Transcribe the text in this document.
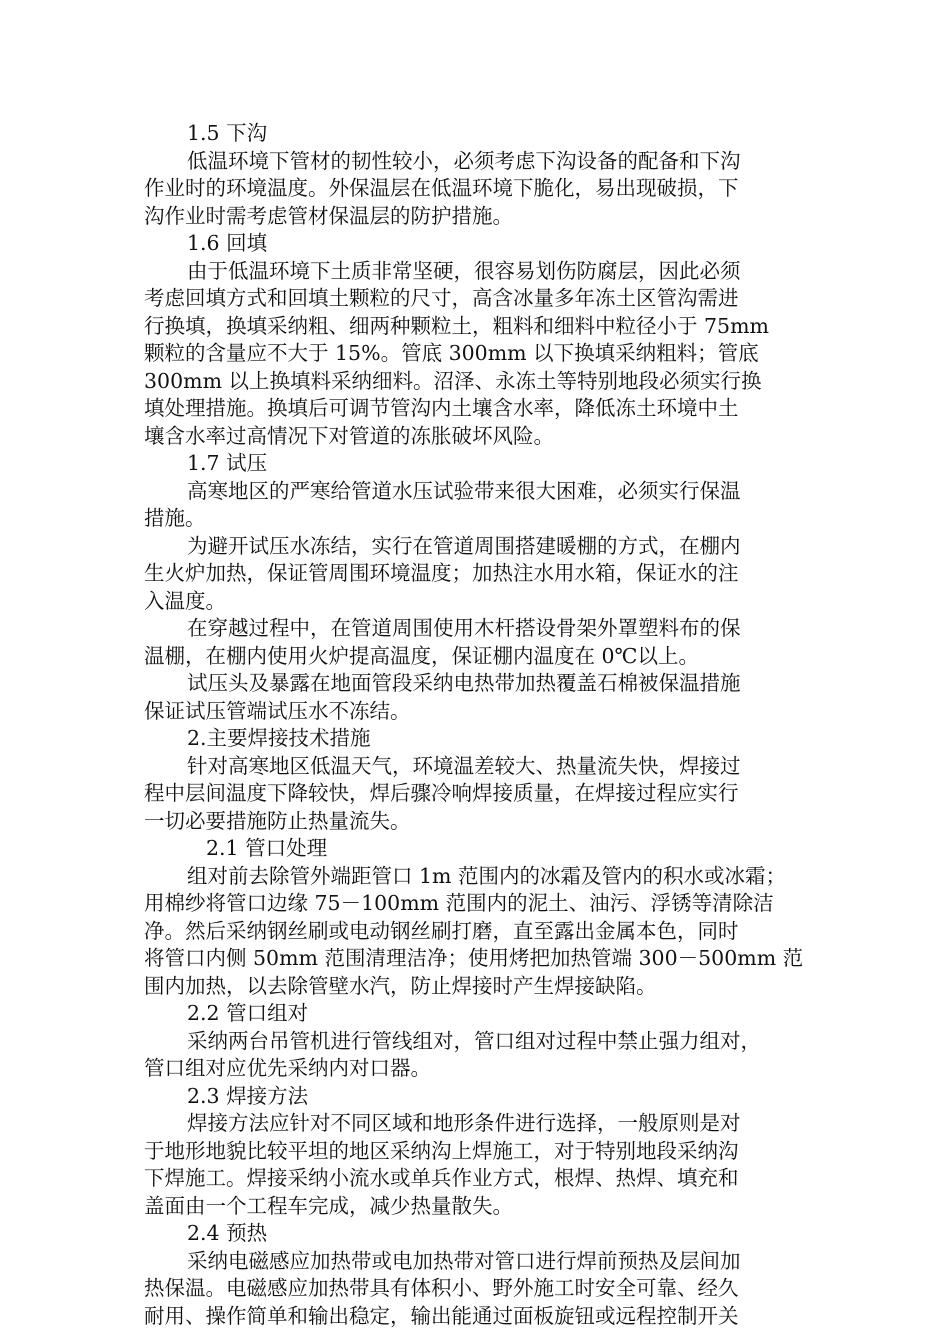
1.5 下沟
低温环境下管材的韧性较小，必须考虑下沟设备的配备和下沟
作业时的环境温度。外保温层在低温环境下脆化，易出现破损，下
沟作业时需考虑管材保温层的防护措施。
1.6 回填
由于低温环境下土质非常坚硬，很容易划伤防腐层，因此必须
考虑回填方式和回填土颗粒的尺寸，高含冰量多年冻土区管沟需进
行换填，换填采纳粗、细两种颗粒土，粗料和细料中粒径小于 75mm
颗粒的含量应不大于 15%。管底 300mm 以下换填采纳粗料；管底
300mm 以上换填料采纳细料。沼泽、永冻土等特别地段必须实行换
填处理措施。换填后可调节管沟内土壤含水率，降低冻土环境中土
壤含水率过高情况下对管道的冻胀破坏风险。
1.7 试压
高寒地区的严寒给管道水压试验带来很大困难，必须实行保温
措施。
为避开试压水冻结，实行在管道周围搭建暖棚的方式，在棚内
生火炉加热，保证管周围环境温度；加热注水用水箱，保证水的注
入温度。
在穿越过程中，在管道周围使用木杆搭设骨架外罩塑料布的保
温棚，在棚内使用火炉提高温度，保证棚内温度在 0℃以上。
试压头及暴露在地面管段采纳电热带加热覆盖石棉被保温措施
保证试压管端试压水不冻结。
2.主要焊接技术措施
针对高寒地区低温天气，环境温差较大、热量流失快，焊接过
程中层间温度下降较快，焊后骤冷响焊接质量，在焊接过程应实行
一切必要措施防止热量流失。
2.1 管口处理
组对前去除管外端距管口 1m 范围内的冰霜及管内的积水或冰霜；
用棉纱将管口边缘 75－100mm 范围内的泥土、油污、浮锈等清除洁
净。然后采纳钢丝刷或电动钢丝刷打磨，直至露出金属本色，同时
将管口内侧 50mm 范围清理洁净；使用烤把加热管端 300－500mm 范
围内加热，以去除管壁水汽，防止焊接时产生焊接缺陷。
2.2 管口组对
采纳两台吊管机进行管线组对，管口组对过程中禁止强力组对，
管口组对应优先采纳内对口器。
2.3 焊接方法
焊接方法应针对不同区域和地形条件进行选择，一般原则是对
于地形地貌比较平坦的地区采纳沟上焊施工，对于特别地段采纳沟
下焊施工。焊接采纳小流水或单兵作业方式，根焊、热焊、填充和
盖面由一个工程车完成，减少热量散失。
2.4 预热
采纳电磁感应加热带或电加热带对管口进行焊前预热及层间加
热保温。电磁感应加热带具有体积小、野外施工时安全可靠、经久
耐用、操作简单和输出稳定，输出能通过面板旋钮或远程控制开关
